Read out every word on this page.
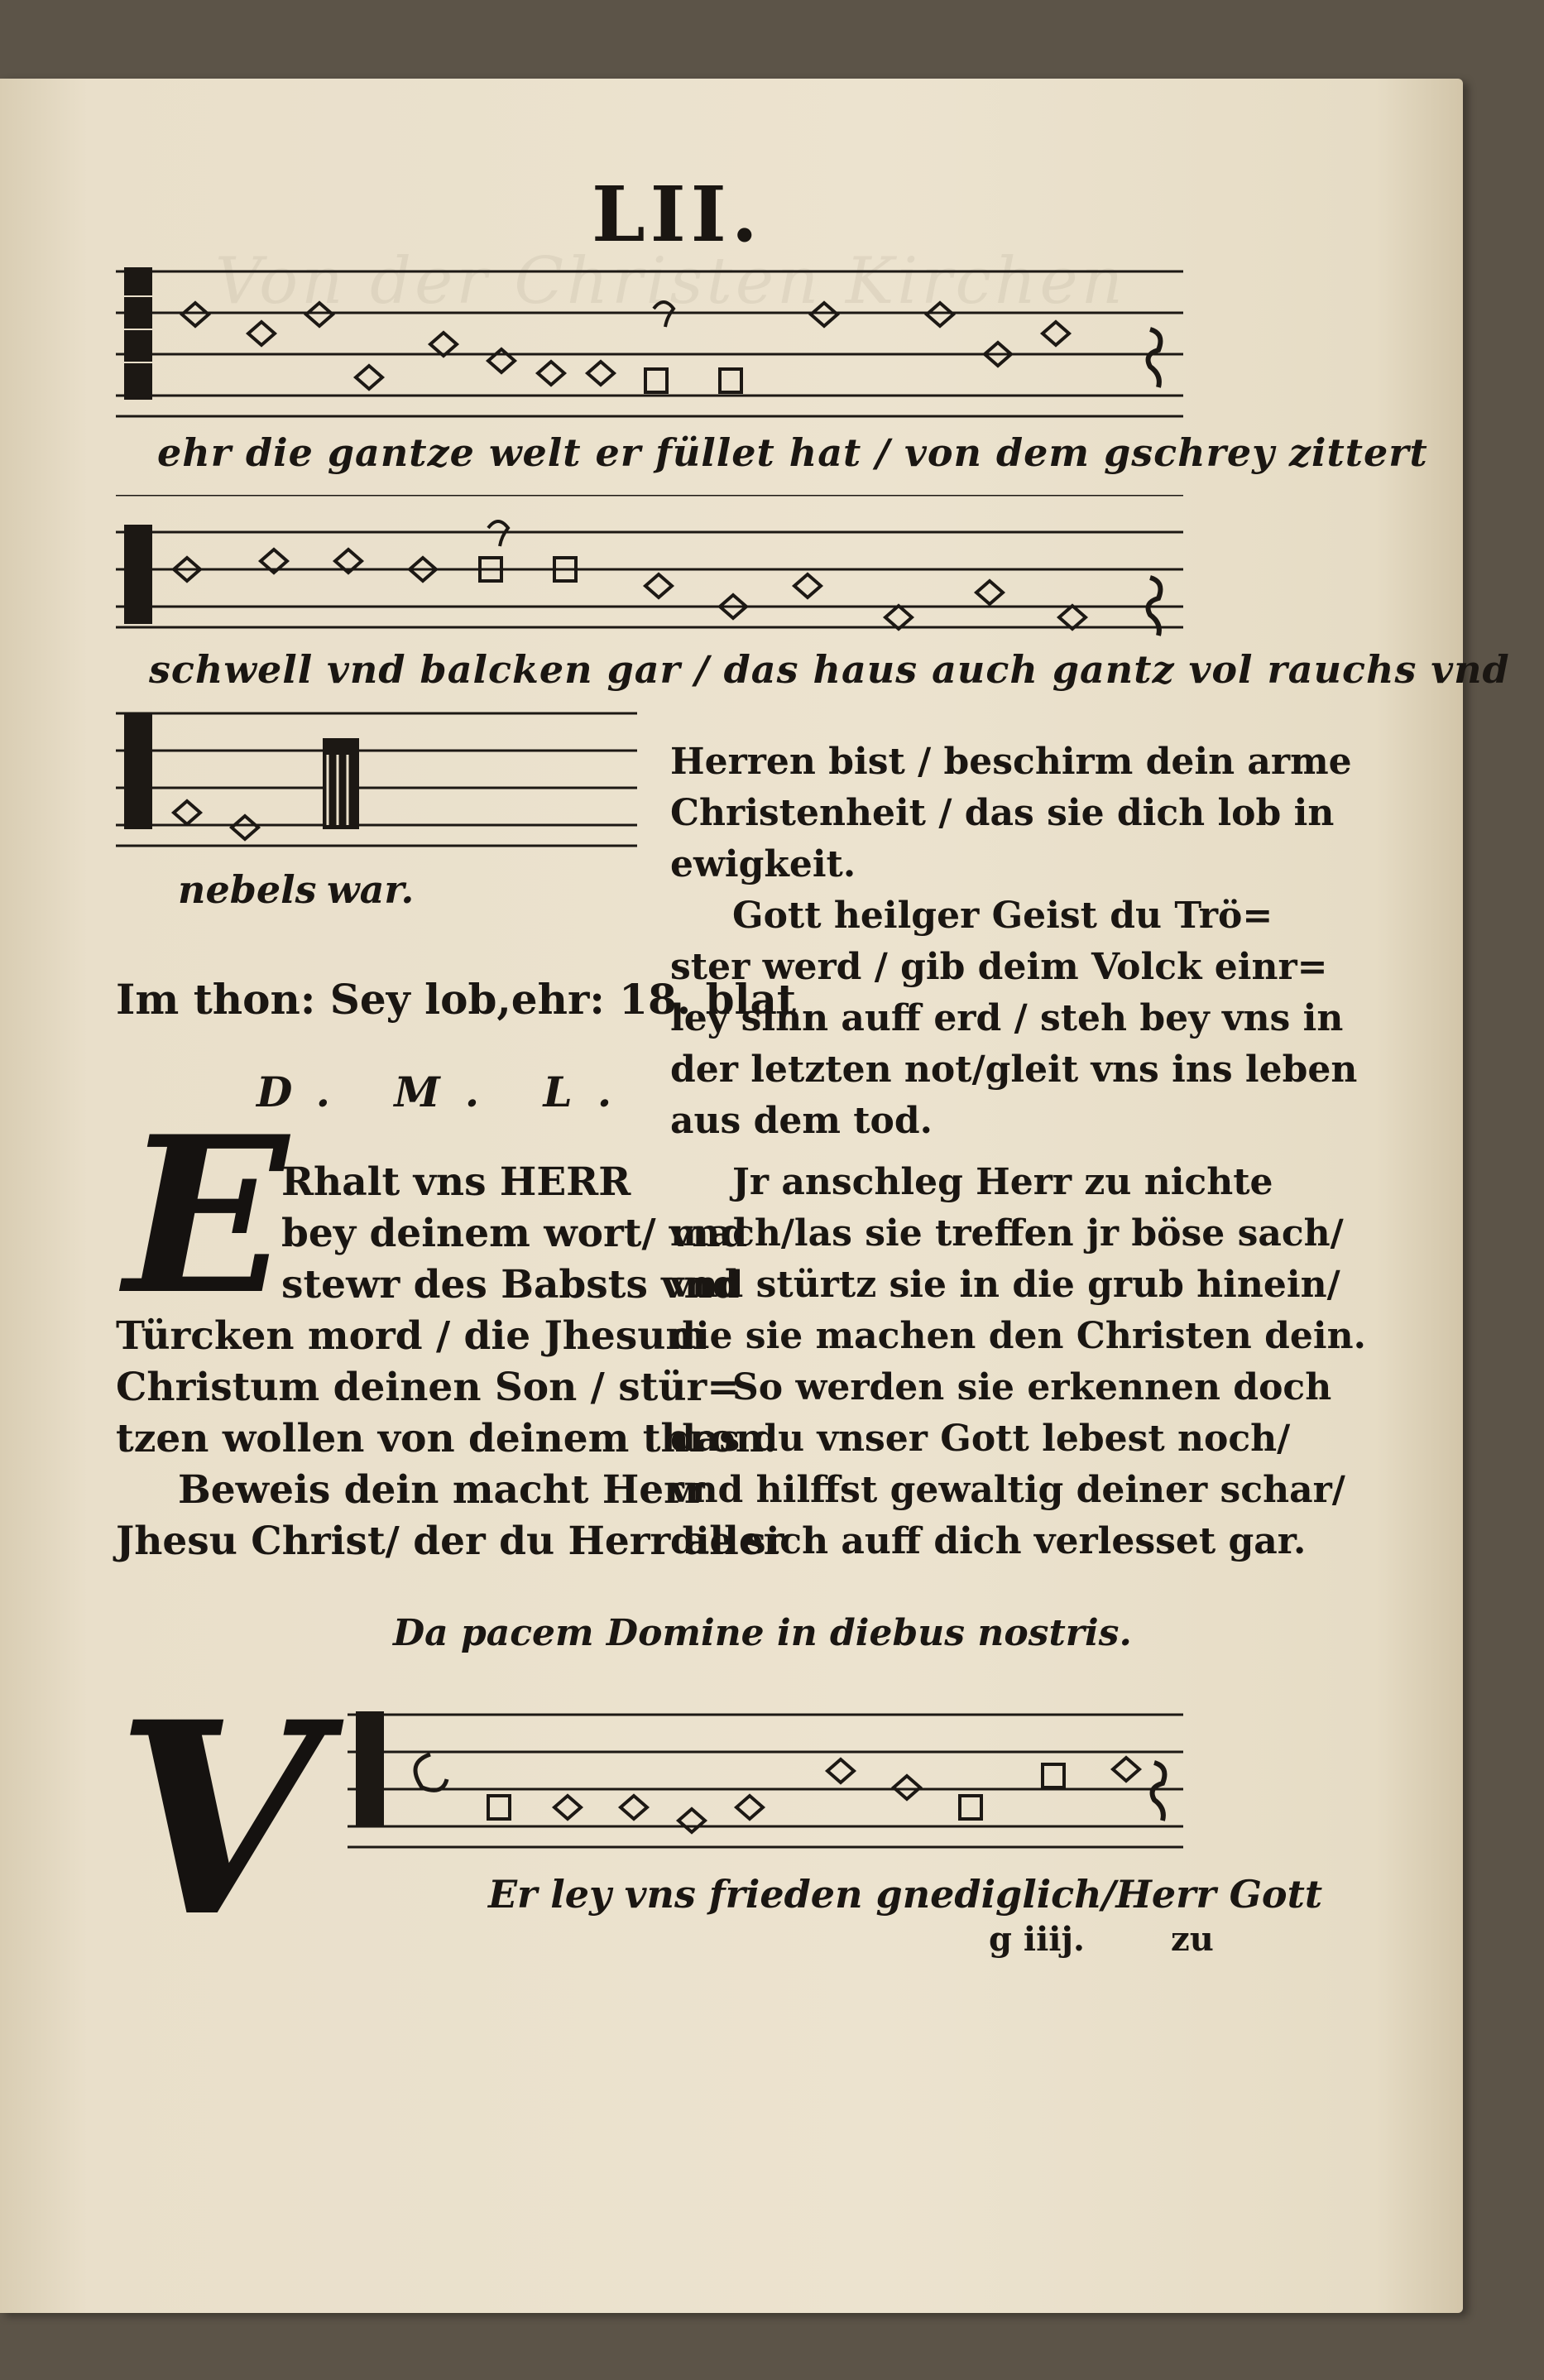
Von der Christen Kirchen
LII.
ehr die gantze welt er füllet hat / von dem gschrey zittert
schwell vnd balcken gar / das haus auch gantz vol rauchs vnd
nebels war.
Im thon: Sey lob,ehr: 18. blat
D. M. L.
E
Rhalt vns HERR
bey deinem wort/ vnd
stewr des Babsts vnd
Türcken mord / die Jhesum
Christum deinen Son / stür=
tzen wollen von deinem thron.
Beweis dein macht Herr
Jhesu Christ/ der du Herr aller
Herren bist / beschirm dein arme
Christenheit / das sie dich lob in
ewigkeit.
Gott heilger Geist du Trö=
ster werd / gib deim Volck einr=
ley sinn auff erd / steh bey vns in
der letzten not/gleit vns ins leben
aus dem tod.
Jr anschleg Herr zu nichte
mach/las sie treffen jr böse sach/
vnd stürtz sie in die grub hinein/
die sie machen den Christen dein.
So werden sie erkennen doch
das du vnser Gott lebest noch/
vnd hilffst gewaltig deiner schar/
die sich auff dich verlesset gar.
Da pacem Domine in diebus nostris.
V	Er ley vns frieden gnediglich/Herr Gott
g iiij.	zu
